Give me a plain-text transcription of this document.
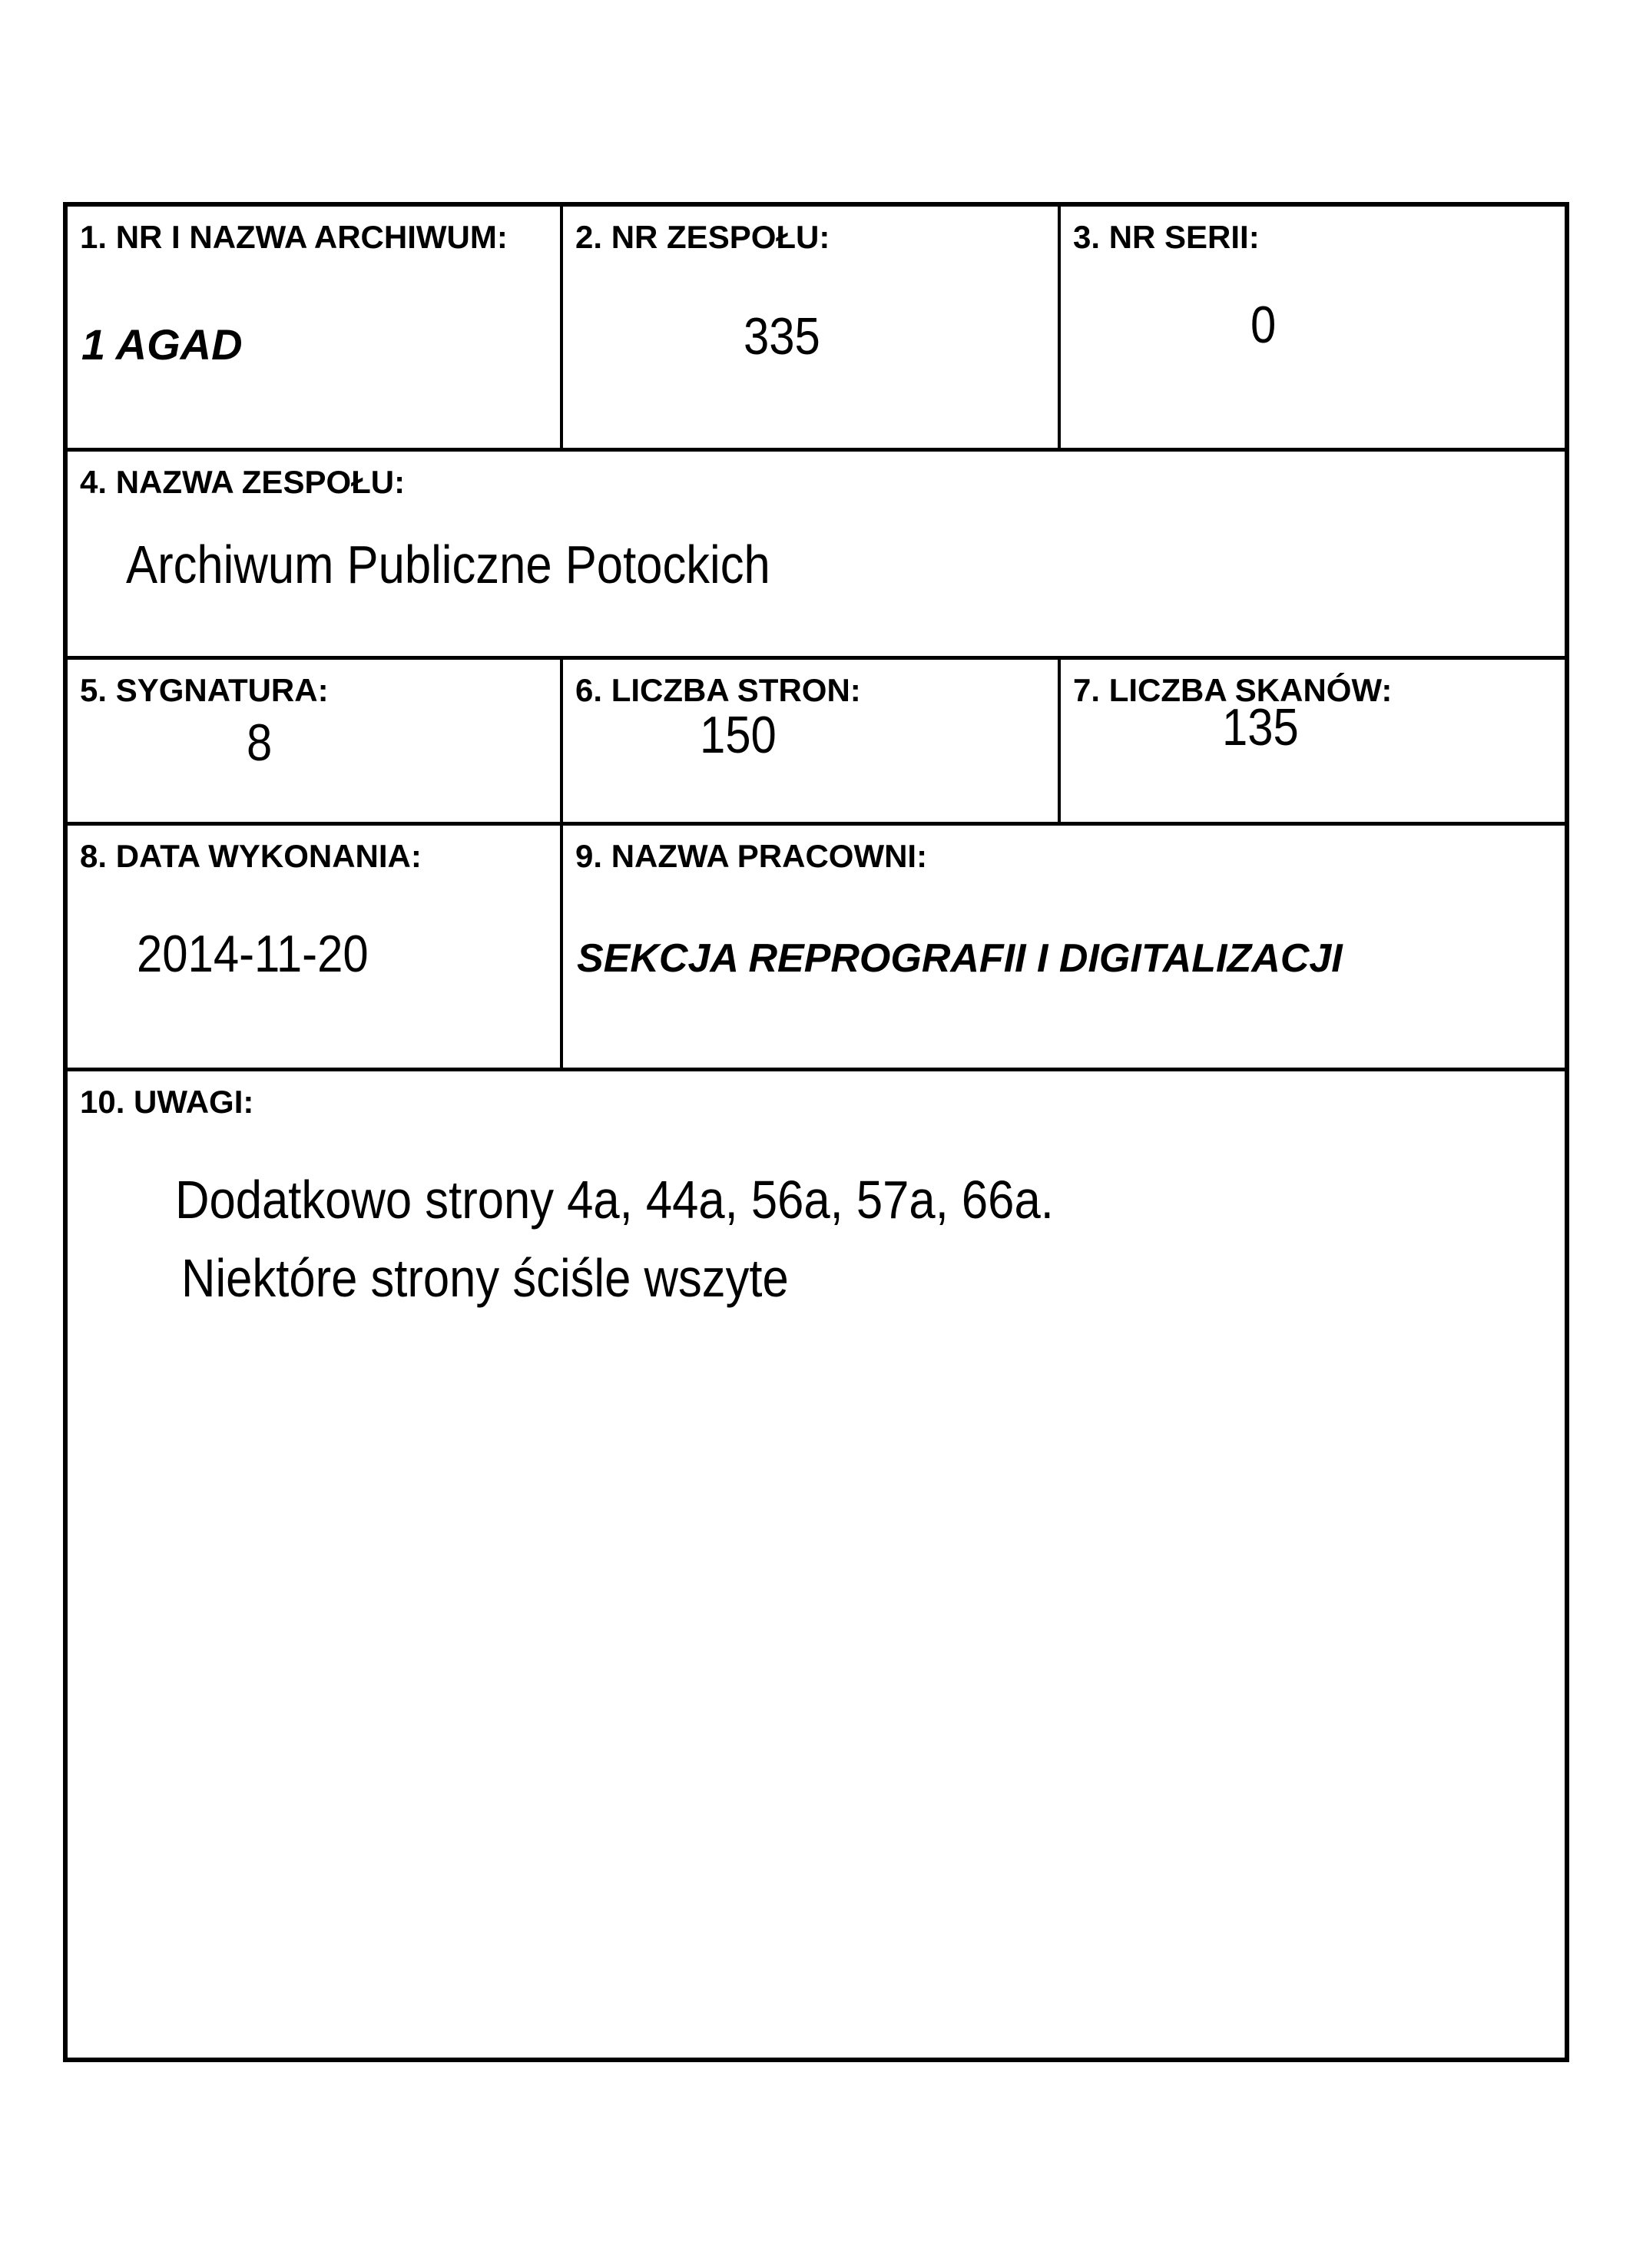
1. NR I NAZWA ARCHIWUM:
1 AGAD
2. NR ZESPOŁU:
335
3. NR SERII:
0
4. NAZWA ZESPOŁU:
Archiwum Publiczne Potockich
5. SYGNATURA:
8
6. LICZBA STRON:
150
7. LICZBA SKANÓW:
135
8. DATA WYKONANIA:
2014-11-20
9. NAZWA PRACOWNI:
SEKCJA REPROGRAFII I DIGITALIZACJI
10. UWAGI:
Dodatkowo strony 4a, 44a, 56a, 57a, 66a.
Niektóre strony ściśle wszyte
